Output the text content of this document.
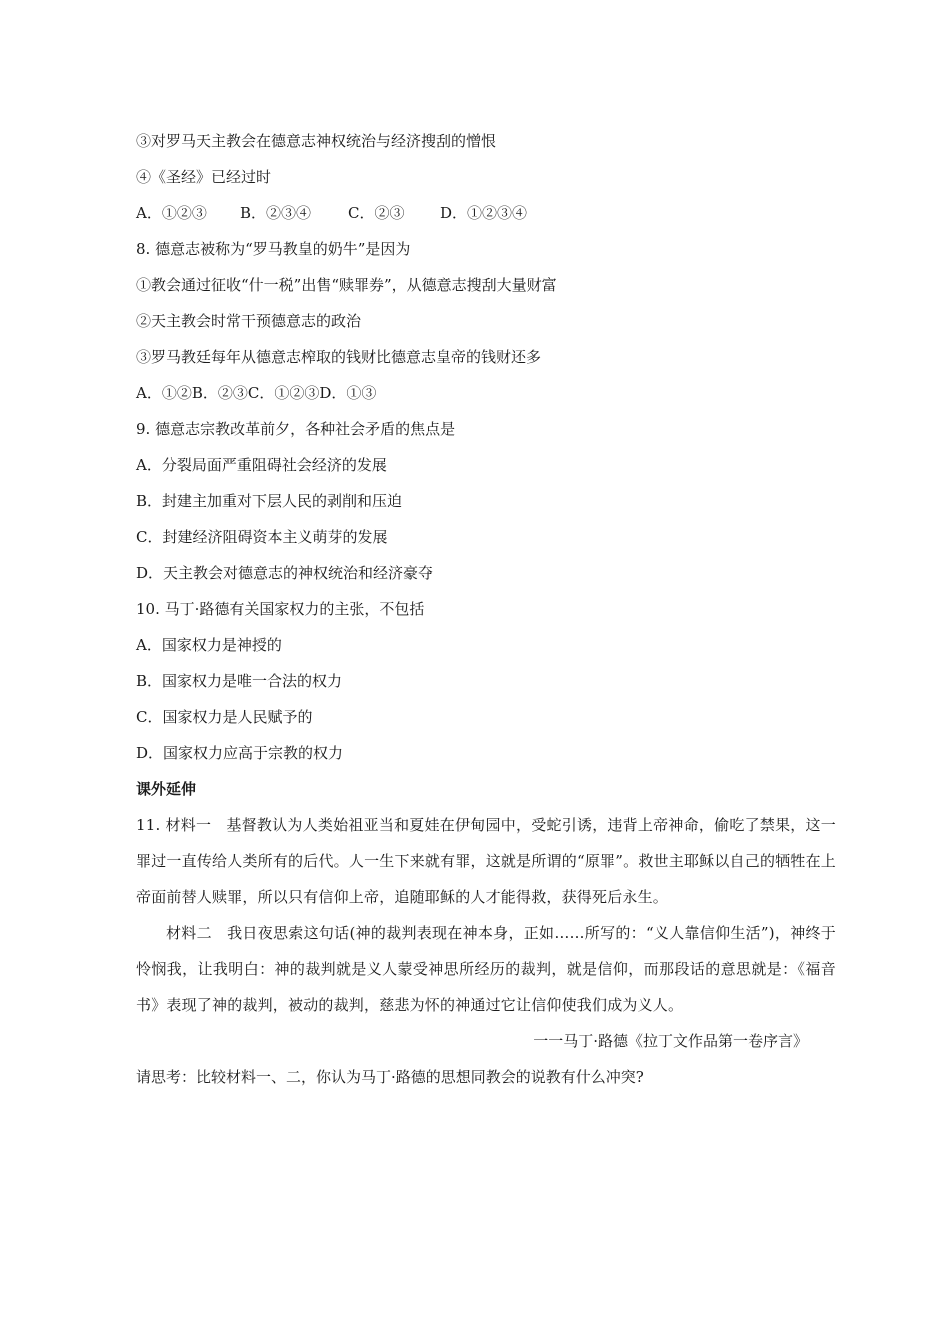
③对罗马天主教会在德意志神权统治与经济搜刮的憎恨
④《圣经》已经过时
A．①②③ B．②③④ C．②③ D．①②③④
8. 德意志被称为“罗马教皇的奶牛”是因为
①教会通过征收“什一税”出售“赎罪券”，从德意志搜刮大量财富
②天主教会时常干预德意志的政治
③罗马教廷每年从德意志榨取的钱财比德意志皇帝的钱财还多
A．①②B．②③C．①②③D．①③
9. 德意志宗教改革前夕，各种社会矛盾的焦点是
A．分裂局面严重阻碍社会经济的发展
B．封建主加重对下层人民的剥削和压迫
C．封建经济阻碍资本主义萌芽的发展
D．天主教会对德意志的神权统治和经济豪夺
10. 马丁·路德有关国家权力的主张，不包括
A．国家权力是神授的
B．国家权力是唯一合法的权力
C．国家权力是人民赋予的
D．国家权力应高于宗教的权力
课外延伸
11. 材料一　基督教认为人类始祖亚当和夏娃在伊甸园中，受蛇引诱，违背上帝神命，偷吃了禁果，这一罪过一直传给人类所有的后代。人一生下来就有罪，这就是所谓的“原罪”。救世主耶稣以自己的牺牲在上帝面前替人赎罪，所以只有信仰上帝，追随耶稣的人才能得救，获得死后永生。
材料二　我日夜思索这句话(神的裁判表现在神本身，正如……所写的：“义人靠信仰生活”)，神终于怜悯我，让我明白：神的裁判就是义人蒙受神思所经历的裁判，就是信仰，而那段话的意思就是：《福音书》表现了神的裁判，被动的裁判，慈悲为怀的神通过它让信仰使我们成为义人。
一一马丁·路德《拉丁文作品第一卷序言》
请思考：比较材料一、二，你认为马丁·路德的思想同教会的说教有什么冲突?
